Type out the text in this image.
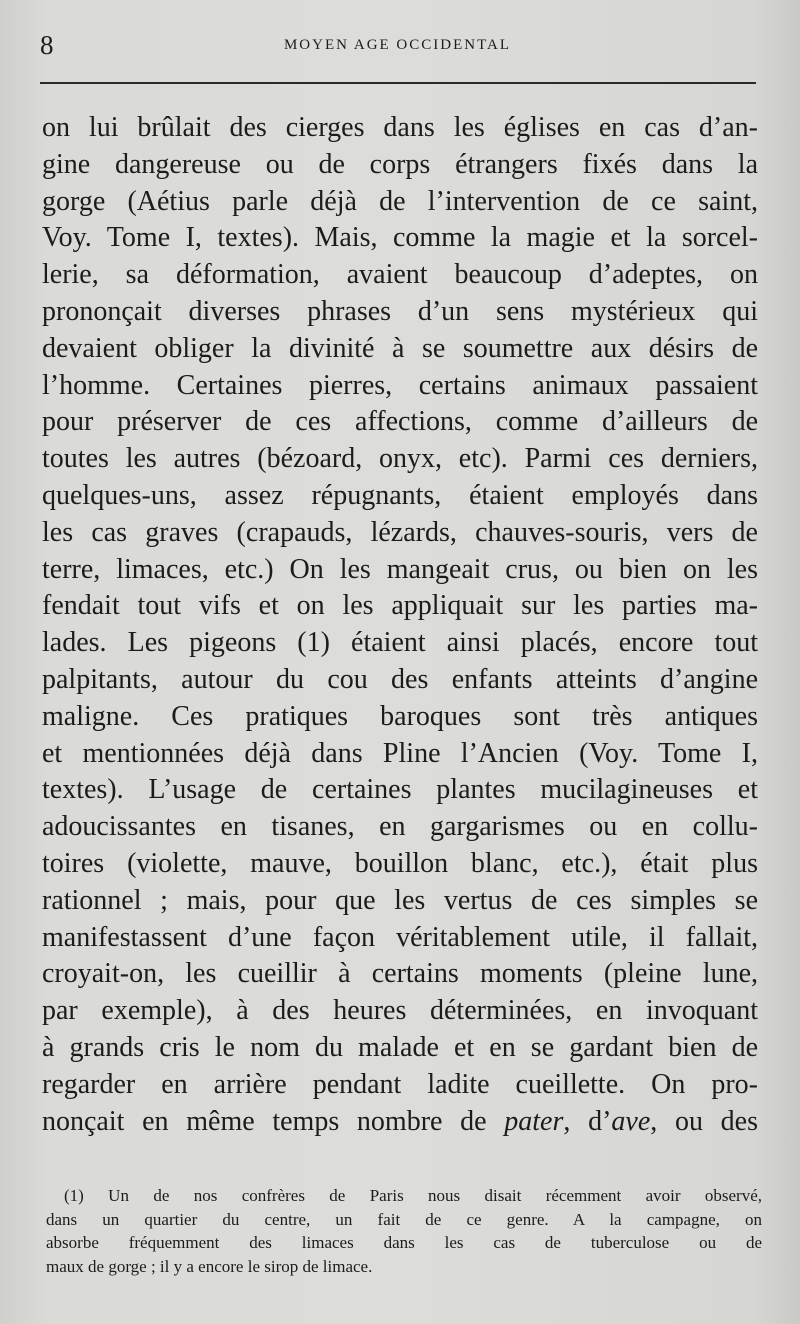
8	MOYEN AGE OCCIDENTAL
on lui brûlait des cierges dans les églises en cas d’an-
gine dangereuse ou de corps étrangers fixés dans la
gorge (Aétius parle déjà de l’intervention de ce saint,
Voy. Tome I, textes). Mais, comme la magie et la sorcel-
lerie, sa déformation, avaient beaucoup d’adeptes, on
prononçait diverses phrases d’un sens mystérieux qui
devaient obliger la divinité à se soumettre aux désirs de
l’homme. Certaines pierres, certains animaux passaient
pour préserver de ces affections, comme d’ailleurs de
toutes les autres (bézoard, onyx, etc). Parmi ces derniers,
quelques-uns, assez répugnants, étaient employés dans
les cas graves (crapauds, lézards, chauves-souris, vers de
terre, limaces, etc.) On les mangeait crus, ou bien on les
fendait tout vifs et on les appliquait sur les parties ma-
lades. Les pigeons (1) étaient ainsi placés, encore tout
palpitants, autour du cou des enfants atteints d’angine
maligne. Ces pratiques baroques sont très antiques
et mentionnées déjà dans Pline l’Ancien (Voy. Tome I,
textes). L’usage de certaines plantes mucilagineuses et
adoucissantes en tisanes, en gargarismes ou en collu-
toires (violette, mauve, bouillon blanc, etc.), était plus
rationnel ; mais, pour que les vertus de ces simples se
manifestassent d’une façon véritablement utile, il fallait,
croyait-on, les cueillir à certains moments (pleine lune,
par exemple), à des heures déterminées, en invoquant
à grands cris le nom du malade et en se gardant bien de
regarder en arrière pendant ladite cueillette. On pro-
nonçait en même temps nombre de pater, d’ave, ou des
(1) Un de nos confrères de Paris nous disait récemment avoir observé,
dans un quartier du centre, un fait de ce genre. A la campagne, on
absorbe fréquemment des limaces dans les cas de tuberculose ou de
maux de gorge ; il y a encore le sirop de limace.
